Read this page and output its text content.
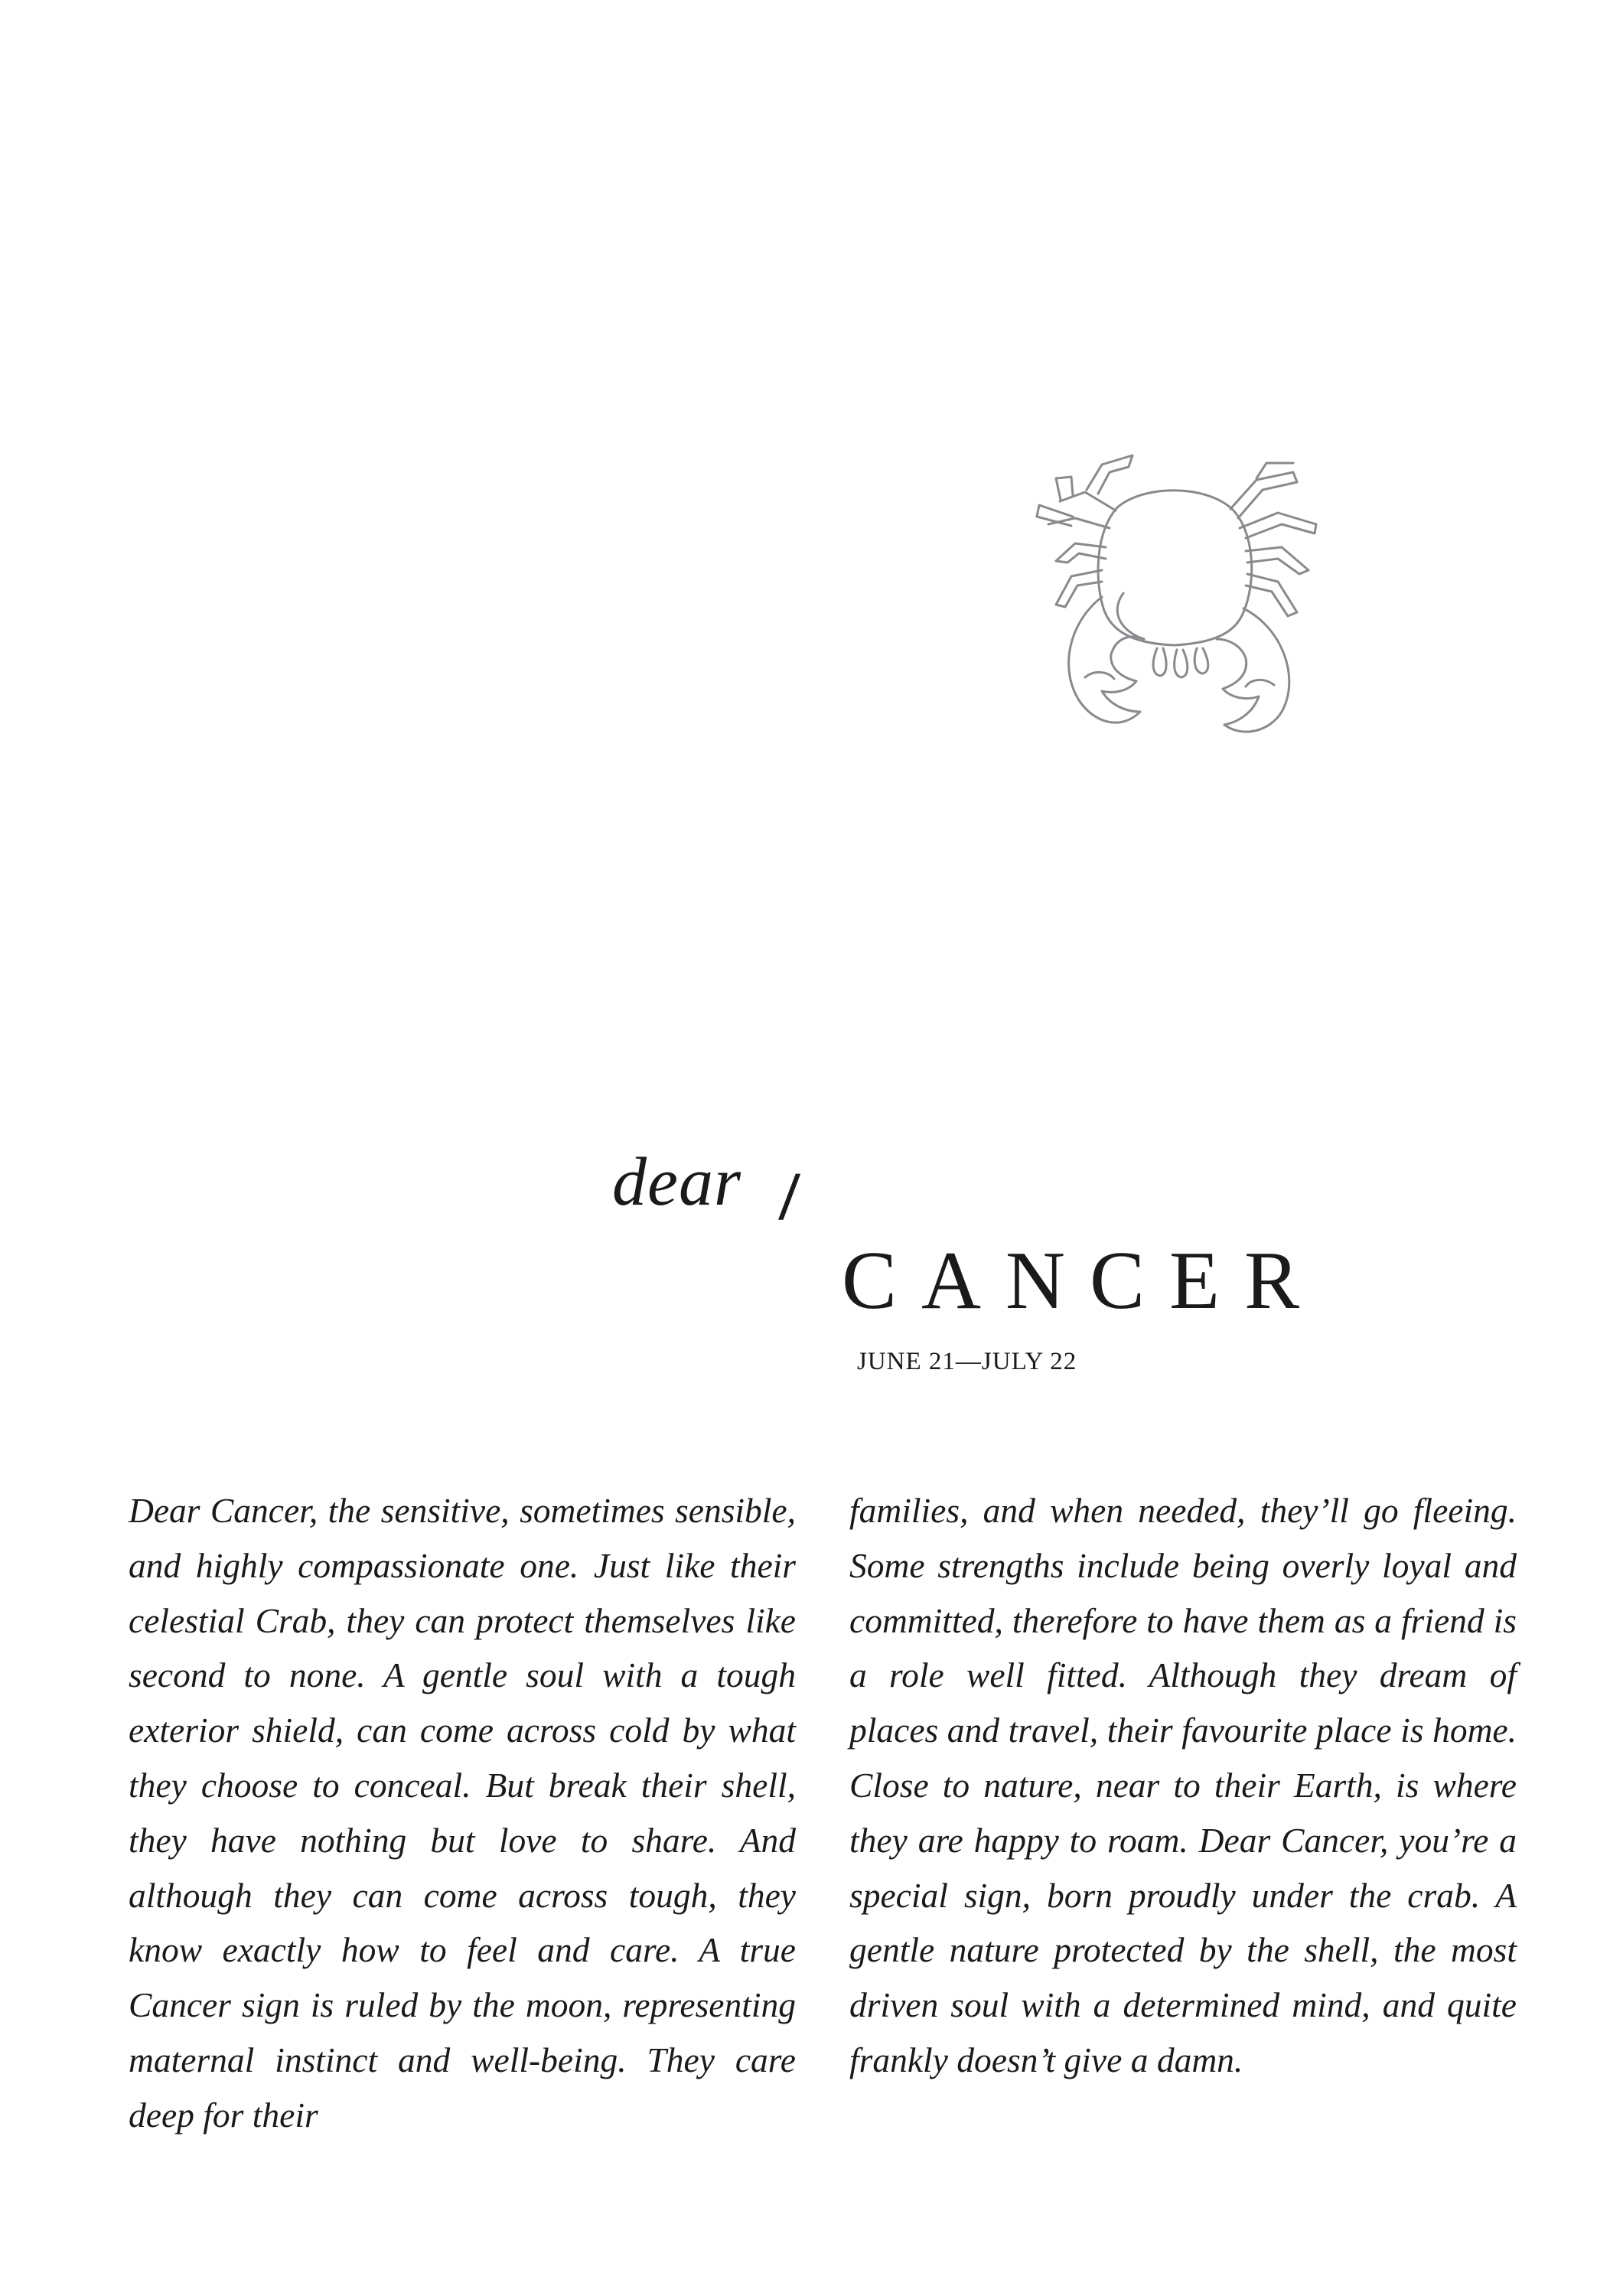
dear /
CANCER
JUNE 21—JULY 22

Dear Cancer, the sensitive, sometimes sensible, and highly compassionate one. Just like their celestial Crab, they can protect themselves like second to none. A gentle soul with a tough exterior shield, can come across cold by what they choose to conceal. But break their shell, they have nothing but love to share. And although they can come across tough, they know exactly how to feel and care. A true Cancer sign is ruled by the moon, representing maternal instinct and well-being. They care deep for their

families, and when needed, they’ll go fleeing. Some strengths include being overly loyal and committed, therefore to have them as a friend is a role well fitted. Although they dream of places and travel, their favourite place is home. Close to nature, near to their Earth, is where they are happy to roam. Dear Cancer, you’re a special sign, born proudly under the crab. A gentle nature protected by the shell, the most driven soul with a determined mind, and quite frankly doesn’t give a damn.
